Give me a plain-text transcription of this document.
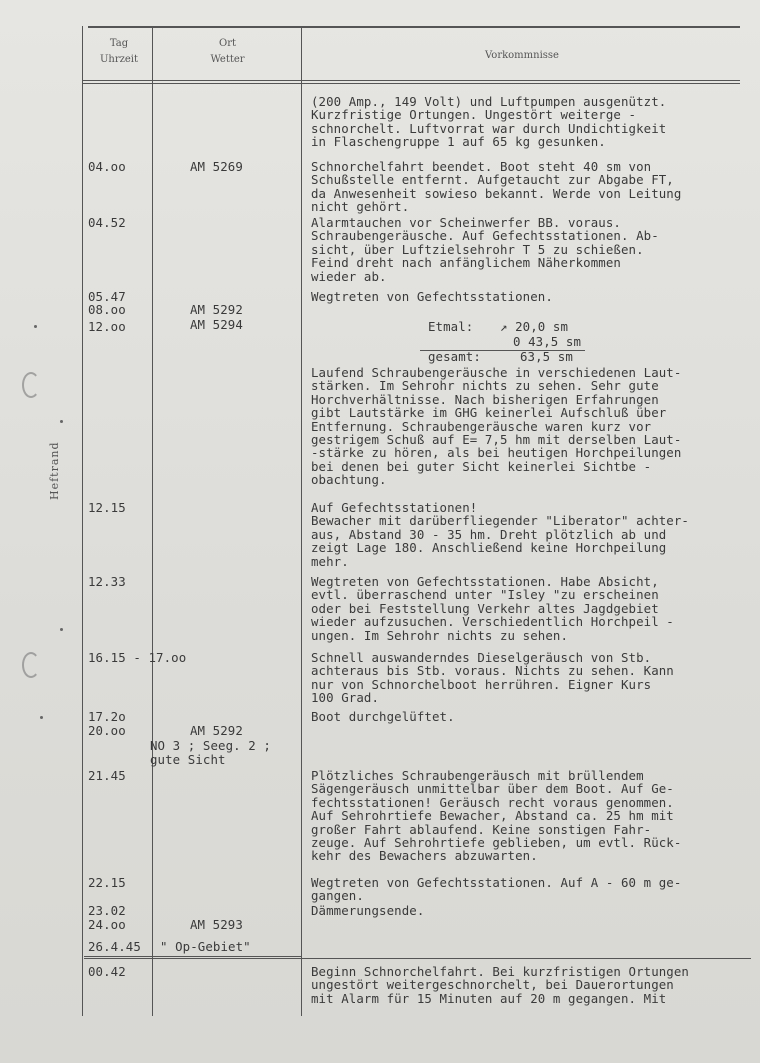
Tag
Uhrzeit
Ort
Wetter	Vorkommnisse
Heftrand
04.oo
04.52
05.47
08.oo
12.oo
12.15
12.33
16.15 - 17.oo
17.2o
20.oo
21.45
22.15
23.02
24.oo
26.4.45
00.42
AM 5269
AM 5292
AM 5294
AM 5292
NO 3 ; Seeg. 2 ;
gute Sicht
AM 5293
" Op-Gebiet"
(200 Amp., 149 Volt) und Luftpumpen ausgenützt.
Kurzfristige Ortungen. Ungestört weiterge -
schnorchelt. Luftvorrat war durch Undichtigkeit
in Flaschengruppe 1 auf 65 kg gesunken.
Schnorchelfahrt beendet. Boot steht 40 sm von
Schußstelle entfernt. Aufgetaucht zur Abgabe FT,
da Anwesenheit sowieso bekannt. Werde von Leitung
nicht gehört.
Alarmtauchen vor Scheinwerfer BB. voraus.
Schraubengeräusche. Auf Gefechtsstationen. Ab-
sicht, über Luftzielsehrohr T 5 zu schießen.
Feind dreht nach anfänglichem Näherkommen
wieder ab.
Wegtreten von Gefechtsstationen.
Laufend Schraubengeräusche in verschiedenen Laut-
stärken. Im Sehrohr nichts zu sehen. Sehr gute
Horchverhältnisse. Nach bisherigen Erfahrungen
gibt Lautstärke im GHG keinerlei Aufschluß über
Entfernung. Schraubengeräusche waren kurz vor
gestrigem Schuß auf E= 7,5 hm mit derselben Laut-
-stärke zu hören, als bei heutigen Horchpeilungen
bei denen bei guter Sicht keinerlei Sichtbe -
obachtung.
Auf Gefechtsstationen!
Bewacher mit darüberfliegender "Liberator" achter-
aus, Abstand 30 - 35 hm. Dreht plötzlich ab und
zeigt Lage 180. Anschließend keine Horchpeilung
mehr.
Wegtreten von Gefechtsstationen. Habe Absicht,
evtl. überraschend unter "Isley "zu erscheinen
oder bei Feststellung Verkehr altes Jagdgebiet
wieder aufzusuchen. Verschiedentlich Horchpeil -
ungen. Im Sehrohr nichts zu sehen.
Schnell auswanderndes Dieselgeräusch von Stb.
achteraus bis Stb. voraus. Nichts zu sehen. Kann
nur von Schnorchelboot herrühren. Eigner Kurs
100 Grad.
Boot durchgelüftet.
Plötzliches Schraubengeräusch mit brüllendem
Sägengeräusch unmittelbar über dem Boot. Auf Ge-
fechtsstationen! Geräusch recht voraus genommen.
Auf Sehrohrtiefe Bewacher, Abstand ca. 25 hm mit
großer Fahrt ablaufend. Keine sonstigen Fahr-
zeuge. Auf Sehrohrtiefe geblieben, um evtl. Rück-
kehr des Bewachers abzuwarten.
Wegtreten von Gefechtsstationen. Auf A - 60 m ge-
gangen.
Dämmerungsende.
Beginn Schnorchelfahrt. Bei kurzfristigen Ortungen
ungestört weitergeschnorchelt, bei Dauerortungen
mit Alarm für 15 Minuten auf 20 m gegangen. Mit
Etmal: ↗ 20,0 sm
0 43,5 sm
gesamt:	63,5 sm
